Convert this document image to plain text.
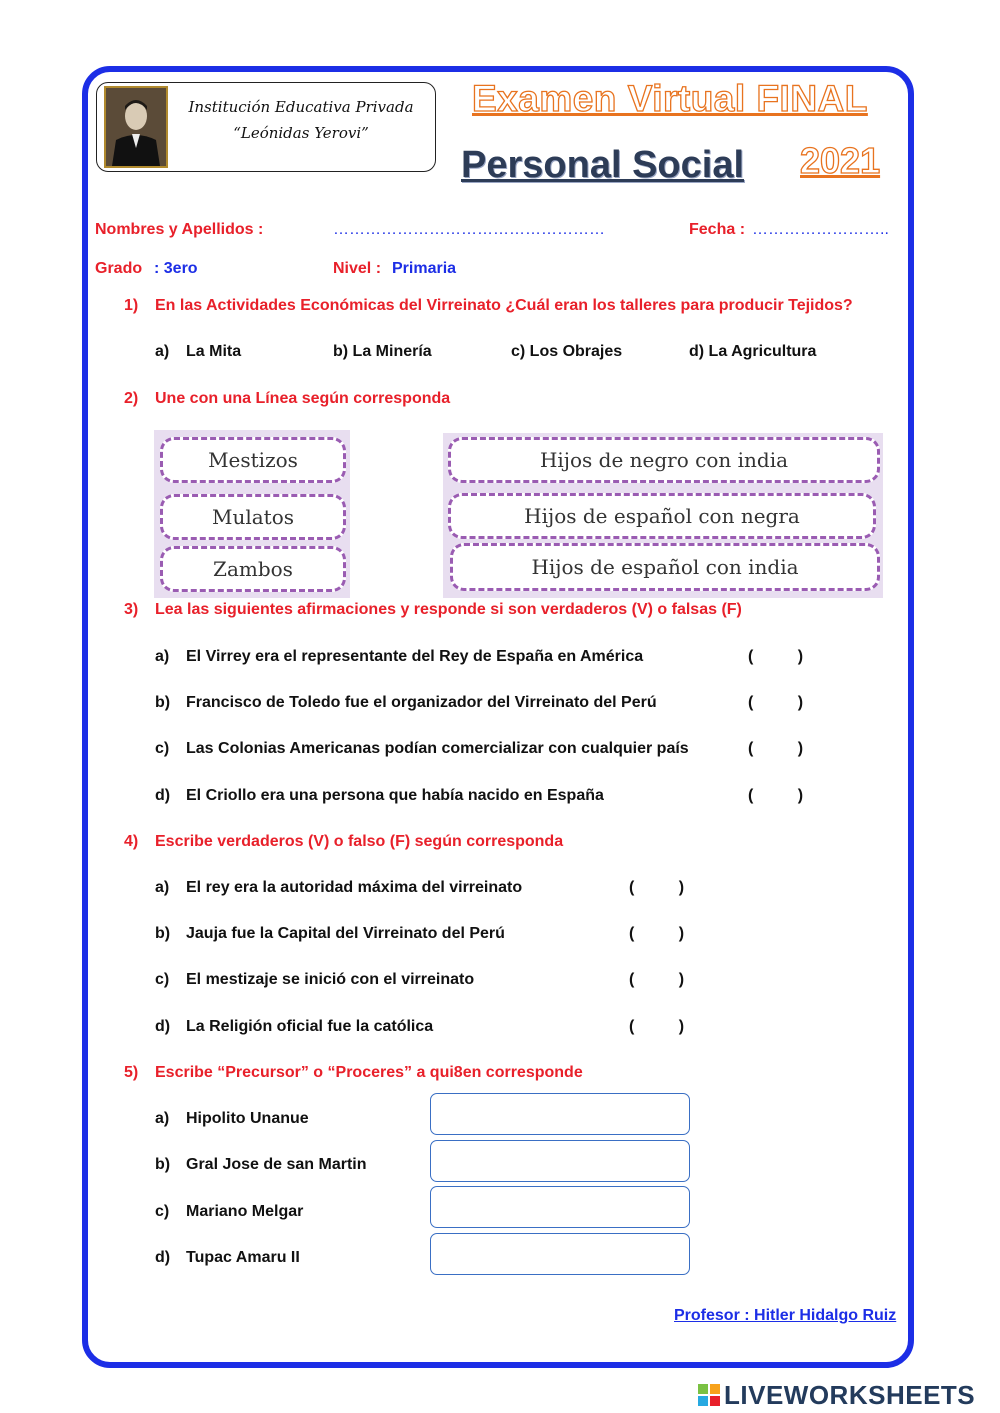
Institución Educativa Privada
“Leónidas Yerovi”
Examen Virtual FINAL
Personal Social 2021
Nombres y Apellidos :	……………………………………………	Fecha : ……………………..
Grado : 3ero	Nivel : Primaria
1) En las Actividades Económicas del Virreinato ¿Cuál eran los talleres para producir Tejidos?
a) La Mita	b) La Minería	c) Los Obrajes	d) La Agricultura
2) Une con una Línea según corresponda
Mestizos
Mulatos
Zambos
Hijos de negro con india
Hijos de español con negra
Hijos de español con india
3) Lea las siguientes afirmaciones y responde si son verdaderos (V) o falsas (F)
a) El Virrey era el representante del Rey de España en América	(          )
b) Francisco de Toledo fue el organizador del Virreinato del Perú	(          )
c) Las Colonias Americanas podían comercializar con cualquier país	(          )
d) El Criollo era una persona que había nacido en España	(          )
4) Escribe verdaderos (V) o falso (F) según corresponda
a) El rey era la autoridad máxima del virreinato	(          )
b) Jauja fue la Capital del Virreinato del Perú	(          )
c) El mestizaje se inició con el virreinato	(          )
d) La Religión oficial fue la católica	(          )
5) Escribe “Precursor” o “Proceres” a qui8en corresponde
a) Hipolito Unanue
b) Gral Jose de san Martin
c) Mariano Melgar
d) Tupac Amaru II
Profesor : Hitler Hidalgo Ruiz
LIVEWORKSHEETS
